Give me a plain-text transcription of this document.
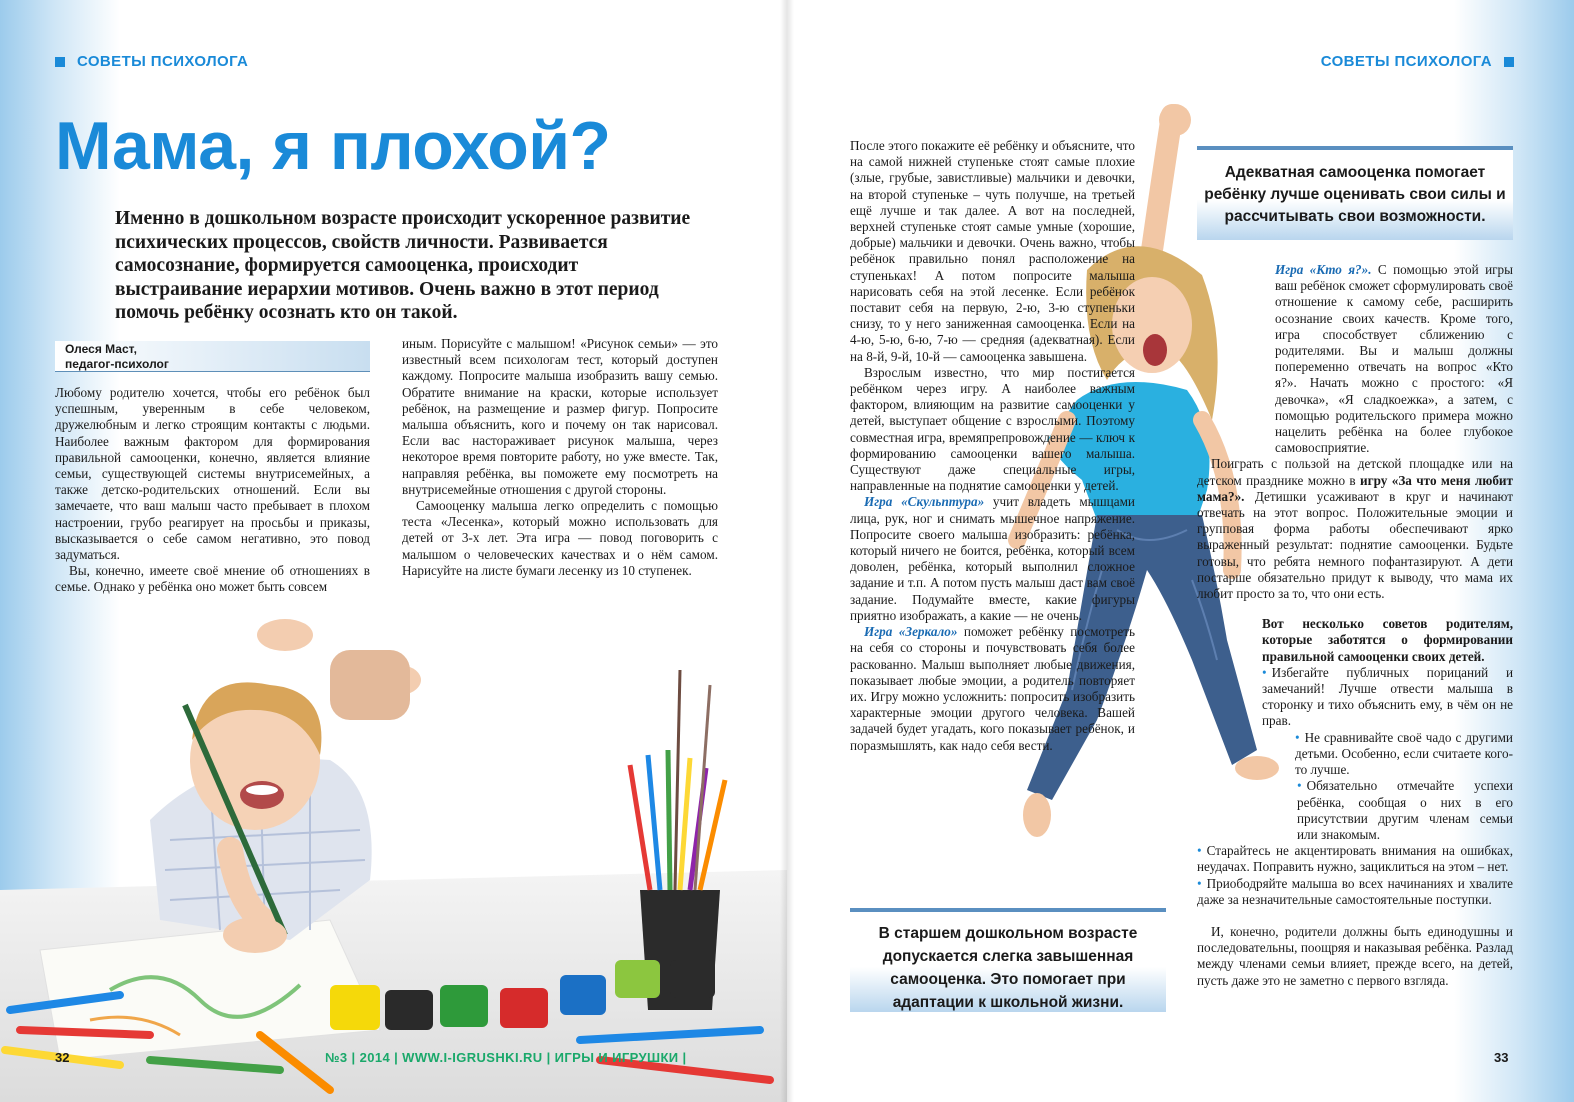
СОВЕТЫ ПСИХОЛОГА
Мама, я плохой?

Именно в дошкольном возрасте происходит ускоренное развитие психических процессов, свойств личности. Развивается самосознание, формируется самооценка, происходит выстраивание иерархии мотивов. Очень важно в этот период помочь ребёнку осознать кто он такой.

Олеся Маст,
педагог-психолог

Любому родителю хочется, чтобы его ребёнок был успешным, уверенным в себе человеком, дружелюбным и легко строящим контакты с людьми. Наиболее важным фактором для формирования правильной самооценки, конечно, является влияние семьи, существующей системы внутрисемейных, а также детско-родительских отношений. Если вы замечаете, что ваш малыш часто пребывает в плохом настроении, грубо реагирует на просьбы и приказы, высказывается о себе самом негативно, это повод задуматься.

Вы, конечно, имеете своё мнение об отношениях в семье. Однако у ребёнка оно может быть совсем

иным. Порисуйте с малышом! «Рисунок семьи» — это известный всем психологам тест, который доступен каждому. Попросите малыша изобразить вашу семью. Обратите внимание на краски, которые использует ребёнок, на размещение и размер фигур. Попросите малыша объяснить, кого и почему он так нарисовал. Если вас настораживает рисунок малыша, через некоторое время повторите работу, но уже вместе. Так, направляя ребёнка, вы поможете ему посмотреть на внутрисемейные отношения с другой стороны.

Самооценку малыша легко определить с помощью теста «Лесенка», который можно использовать для детей от 3-х лет. Эта игра — повод поговорить с малышом о человеческих качествах и о нём самом. Нарисуйте на листе бумаги лесенку из 10 ступенек.

32	№3 | 2014 | WWW.I-IGRUSHKI.RU | ИГРЫ И ИГРУШКИ |
СОВЕТЫ ПСИХОЛОГА
Адекватная самооценка помогает ребёнку лучше оценивать свои силы и рассчитывать свои возможности.

После этого покажите её ребёнку и объясните, что на самой нижней ступеньке стоят самые плохие (злые, грубые, завистливые) мальчики и девочки, на второй ступеньке – чуть получше, на третьей ещё лучше и так далее. А вот на последней, верхней ступеньке стоят самые умные (хорошие, добрые) мальчики и девочки. Очень важно, чтобы ребёнок правильно понял расположение на ступеньках! А потом попросите малыша нарисовать себя на этой лесенке. Если ребёнок поставит себя на первую, 2-ю, 3-ю ступеньки снизу, то у него заниженная самооценка. Если на 4-ю, 5-ю, 6-ю, 7-ю — средняя (адекватная). Если на 8-й, 9-й, 10-й — самооценка завышена.

Взрослым известно, что мир постигается ребёнком через игру. А наиболее важным фактором, влияющим на развитие самооценки у детей, выступает общение с взрослыми. Поэтому совместная игра, времяпрепровождение — ключ к формированию самооценки вашего малыша. Существуют даже специальные игры, направленные на поднятие самооценки у детей.

Игра «Скульптура» учит владеть мышцами лица, рук, ног и снимать мышечное напряжение. Попросите своего малыша изобразить: ребёнка, который ничего не боится, ребёнка, который всем доволен, ребёнка, который выполнил сложное задание и т.п. А потом пусть малыш даст вам своё задание. Подумайте вместе, какие фигуры приятно изображать, а какие — не очень.

Игра «Зеркало» поможет ребёнку посмотреть на себя со стороны и почувствовать себя более раскованно. Малыш выполняет любые движения, показывает любые эмоции, а родитель повторяет их. Игру можно усложнить: попросить изобразить характерные эмоции другого человека. Вашей задачей будет угадать, кого показывает ребёнок, и поразмышлять, как надо себя вести.

В старшем дошкольном возрасте допускается слегка завышенная самооценка. Это помогает при адаптации к школьной жизни.

Игра «Кто я?». С помощью этой игры ваш ребёнок сможет сформулировать своё отношение к самому себе, расширить осознание своих качеств. Кроме того, игра способствует сближению с родителями. Вы и малыш должны попеременно отвечать на вопрос «Кто я?». Начать можно с простого: «Я девочка», «Я сладкоежка», а затем, с помощью родительского примера можно нацелить ребёнка на более глубокое самовосприятие.

Поиграть с пользой на детской площадке или на детском празднике можно в игру «За что меня любит мама?». Детишки усаживают в круг и начинают отвечать на этот вопрос. Положительные эмоции и групповая форма работы обеспечивают ярко выраженный результат: поднятие самооценки. Будьте готовы, что ребята немного пофантазируют. А дети постарше обязательно придут к выводу, что мама их любит просто за то, что они есть.

Вот несколько советов родителям, которые заботятся о формировании правильной самооценки своих детей.

• Избегайте публичных порицаний и замечаний! Лучше отвести малыша в сторонку и тихо объяснить ему, в чём он не прав.
• Не сравнивайте своё чадо с другими детьми. Особенно, если считаете кого-то лучше.
• Обязательно отмечайте успехи ребёнка, сообщая о них в его присутствии другим членам семьи или знакомым.
• Старайтесь не акцентировать внимания на ошибках, неудачах. Поправить нужно, зациклиться на этом – нет.
• Приободряйте малыша во всех начинаниях и хвалите даже за незначительные самостоятельные поступки.

И, конечно, родители должны быть единодушны и последовательны, поощряя и наказывая ребёнка. Разлад между членами семьи влияет, прежде всего, на детей, пусть даже это не заметно с первого взгляда.

33
